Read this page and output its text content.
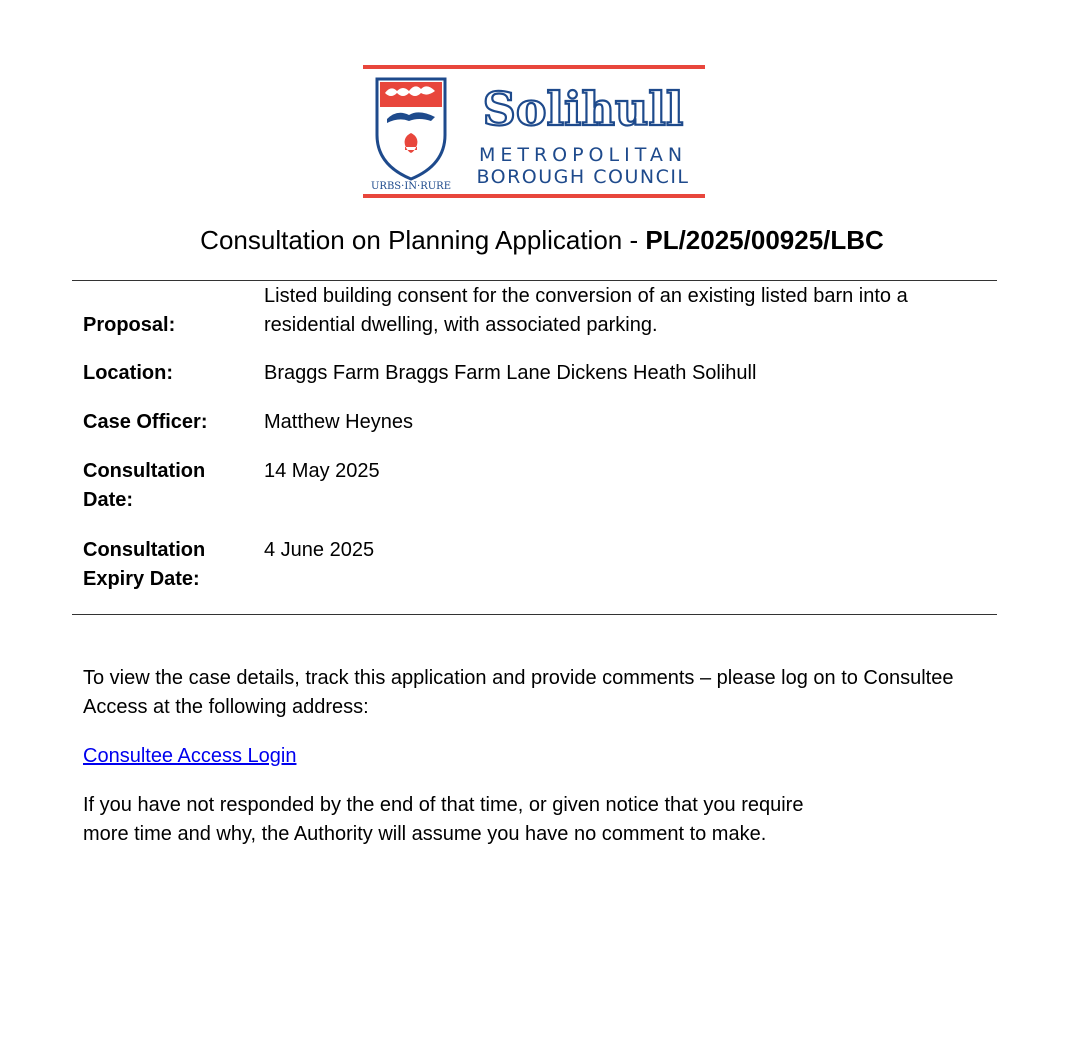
URBS·IN·RURE
Solihull
METROPOLITAN
BOROUGH COUNCIL
Consultation on Planning Application - PL/2025/00925/LBC
Proposal:
Listed building consent for the conversion of an existing listed barn into a residential dwelling, with associated parking.
Location:	Braggs Farm Braggs Farm Lane Dickens Heath Solihull
Case Officer:	Matthew Heynes
Consultation
Date:
14 May 2025
Consultation
Expiry Date:
4 June 2025
To view the case details, track this application and provide comments – please log on to Consultee Access at the following address:
Consultee Access Login
If you have not responded by the end of that time, or given notice that you require
more time and why, the Authority will assume you have no comment to make.
